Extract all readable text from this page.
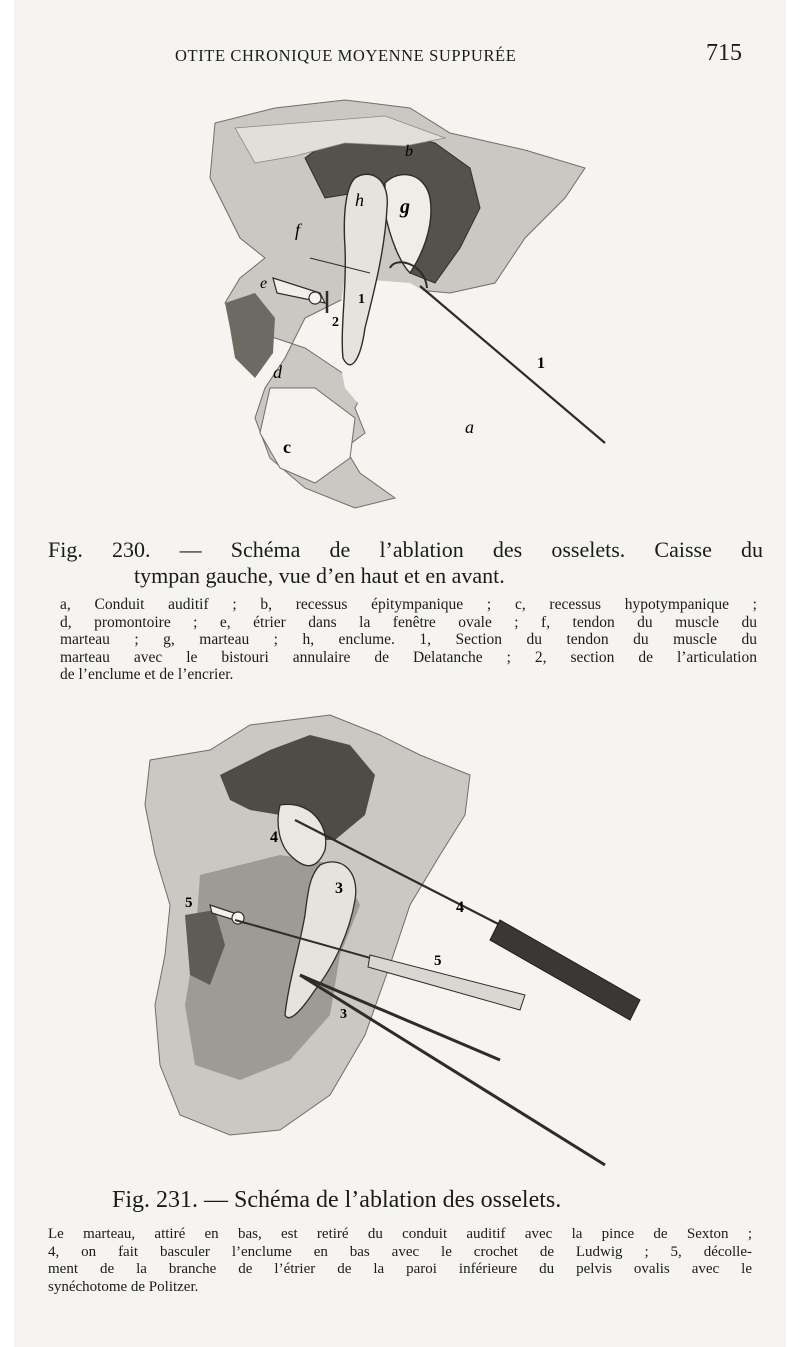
OTITE CHRONIQUE MOYENNE SUPPURÉE	715
a
b
c
d
e
f
g
h
1
2
1
Fig. 230. — Schéma de l’ablation des osselets. Caisse du
tympan gauche, vue d’en haut et en avant.
a, Conduit auditif ; b, recessus épitympanique ; c, recessus hypotympanique ;
d, promontoire ; e, étrier dans la fenêtre ovale ; f, tendon du muscle du
marteau ; g, marteau ; h, enclume. 1, Section du tendon du muscle du
marteau avec le bistouri annulaire de Delatanche ; 2, section de l’articulation
de l’enclume et de l’encrier.
3
3
4
4
5
5
Fig. 231. — Schéma de l’ablation des osselets.
Le marteau, attiré en bas, est retiré du conduit auditif avec la pince de Sexton ;
4, on fait basculer l’enclume en bas avec le crochet de Ludwig ; 5, décolle-
ment de la branche de l’étrier de la paroi inférieure du pelvis ovalis avec le
synéchotome de Politzer.
